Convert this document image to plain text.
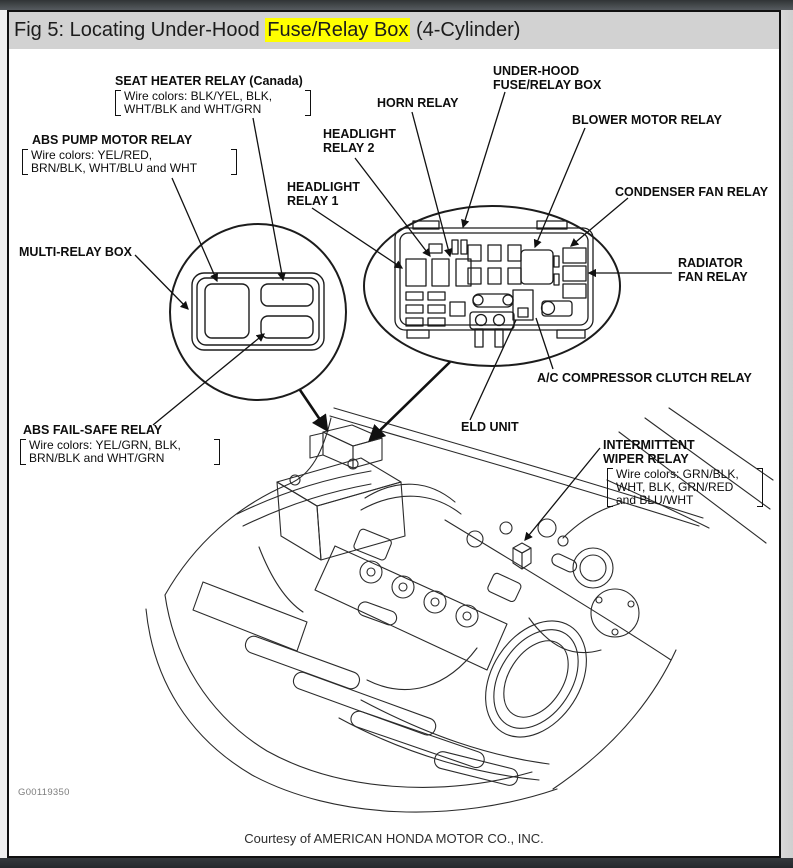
SEAT HEATER RELAY (Canada)
Wire colors: BLK/YEL, BLK,
WHT/BLK and WHT/GRN
ABS PUMP MOTOR RELAY
Wire colors: YEL/RED,
BRN/BLK, WHT/BLU and WHT
MULTI-RELAY BOX
HEADLIGHT
RELAY 2
HORN RELAY
HEADLIGHT
RELAY 1
UNDER-HOOD
FUSE/RELAY BOX
BLOWER MOTOR RELAY
CONDENSER FAN RELAY
RADIATOR
FAN RELAY
A/C COMPRESSOR CLUTCH RELAY
ELD UNIT
ABS FAIL-SAFE RELAY
Wire colors: YEL/GRN, BLK,
BRN/BLK and WHT/GRN
INTERMITTENT
WIPER RELAY
Wire colors: GRN/BLK,
WHT, BLK, GRN/RED
and BLU/WHT
G00119350
Courtesy of AMERICAN HONDA MOTOR CO., INC.
Fig 5: Locating Under-Hood Fuse/Relay Box (4-Cylinder)
